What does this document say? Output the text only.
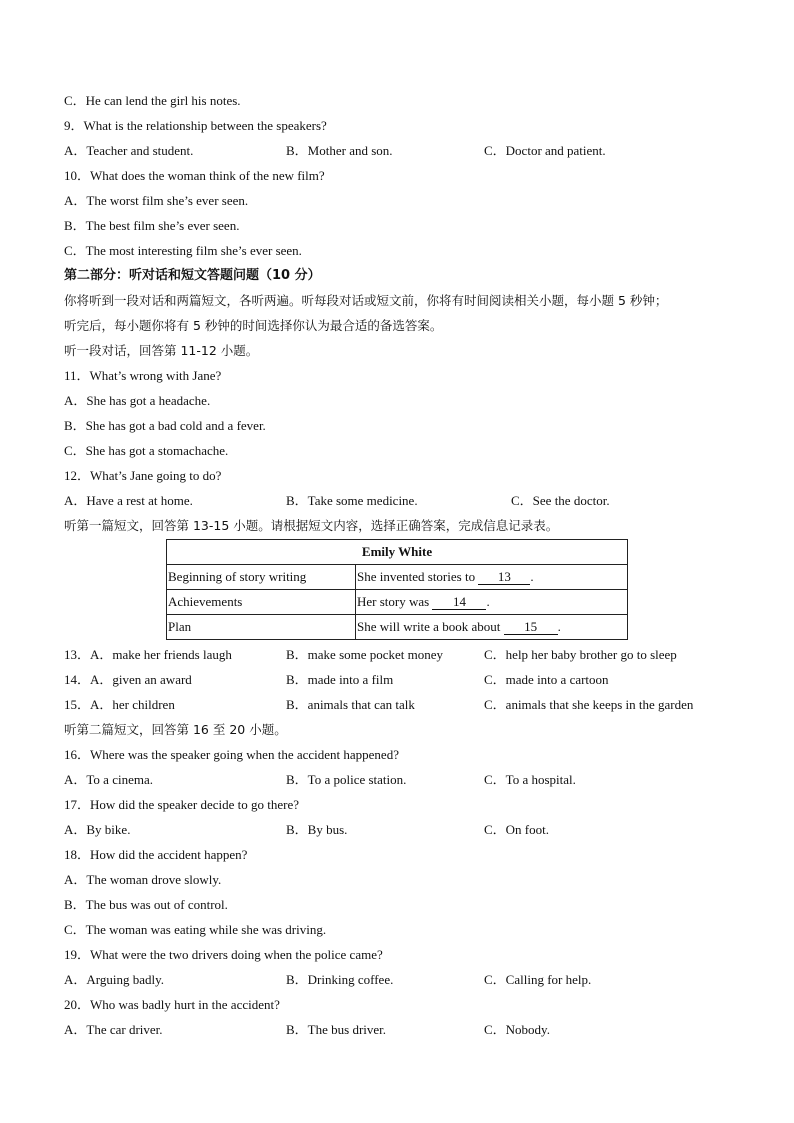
C．He can lend the girl his notes.
9．What is the relationship between the speakers?
A．Teacher and student.	B．Mother and son.	C．Doctor and patient.
10．What does the woman think of the new film?
A．The worst film she’s ever seen.
B．The best film she’s ever seen.
C．The most interesting film she’s ever seen.
第二部分：听对话和短文答题问题（10 分）
你将听到一段对话和两篇短文，各听两遍。听每段对话或短文前，你将有时间阅读相关小题，每小题 5 秒钟；
听完后，每小题你将有 5 秒钟的时间选择你认为最合适的备选答案。
听一段对话，回答第 11-12 小题。
11．What’s wrong with Jane?
A．She has got a headache.
B．She has got a bad cold and a fever.
C．She has got a stomachache.
12．What’s Jane going to do?
A．Have a rest at home.	B．Take some medicine.	C．See the doctor.
听第一篇短文，回答第 13-15 小题。请根据短文内容，选择正确答案，完成信息记录表。
Emily White	
Beginning of story writing	She invented stories to 13 .
Achievements	Her story was 14 .
Plan	She will write a book about 15 .
13．A．make her friends laugh	B．make some pocket money	C．help her baby brother go to sleep
14．A．given an award	B．made into a film	C．made into a cartoon
15．A．her children	B．animals that can talk	C．animals that she keeps in the garden
听第二篇短文，回答第 16 至 20 小题。
16．Where was the speaker going when the accident happened?
A．To a cinema.	B．To a police station.	C．To a hospital.
17．How did the speaker decide to go there?
A．By bike.	B．By bus.	C．On foot.
18．How did the accident happen?
A．The woman drove slowly.
B．The bus was out of control.
C．The woman was eating while she was driving.
19．What were the two drivers doing when the police came?
A．Arguing badly.	B．Drinking coffee.	C．Calling for help.
20．Who was badly hurt in the accident?
A．The car driver.	B．The bus driver.	C．Nobody.
